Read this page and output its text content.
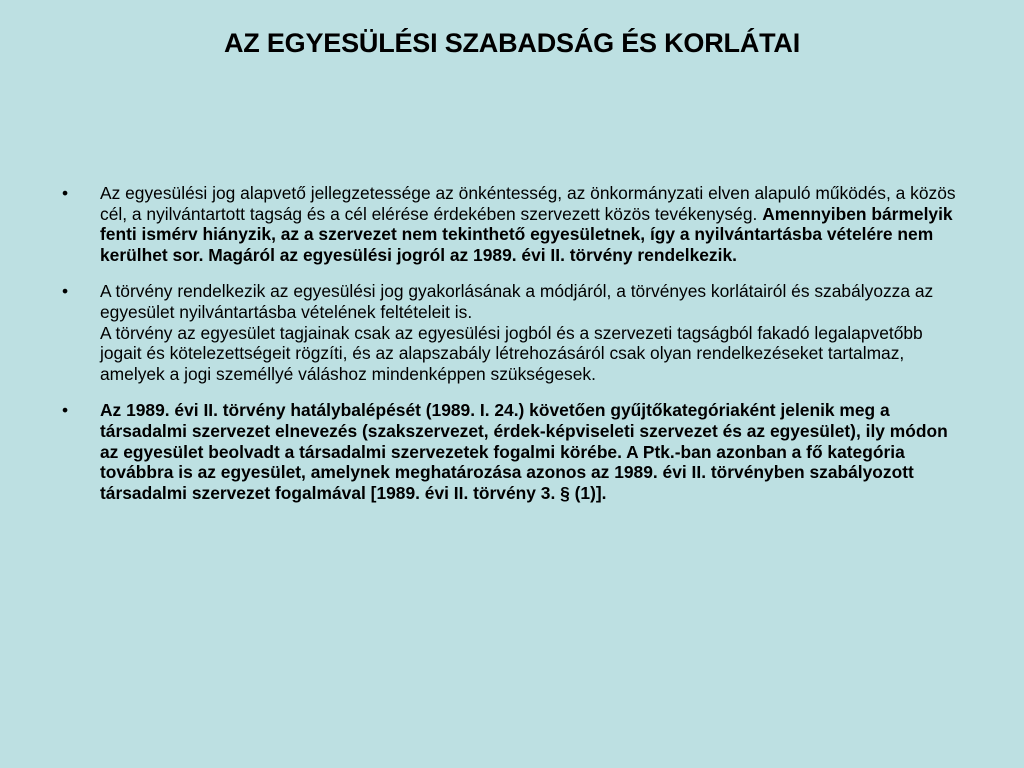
AZ EGYESÜLÉSI SZABADSÁG ÉS KORLÁTAI
•	Az egyesülési jog alapvető jellegzetessége az önkéntesség, az önkormányzati elven alapuló működés, a közös cél, a nyilvántartott tagság és a cél elérése érdekében szervezett közös tevékenység. Amennyiben bármelyik fenti ismérv hiányzik, az a szervezet nem tekinthető egyesületnek, így a nyilvántartásba vételére nem kerülhet sor. Magáról az egyesülési jogról az 1989. évi II. törvény rendelkezik.
•	A törvény rendelkezik az egyesülési jog gyakorlásának a módjáról, a törvényes korlátairól és szabályozza az egyesület nyilvántartásba vételének feltételeit is.
A törvény az egyesület tagjainak csak az egyesülési jogból és a szervezeti tagságból fakadó legalapvetőbb jogait és kötelezettségeit rögzíti, és az alapszabály létrehozásáról csak olyan rendelkezéseket tartalmaz, amelyek a jogi személlyé váláshoz mindenképpen szükségesek.
•	Az 1989. évi II. törvény hatálybalépését (1989. I. 24.) követően gyűjtőkategóriaként jelenik meg a társadalmi szervezet elnevezés (szakszervezet, érdek-képviseleti szervezet és az egyesület), ily módon az egyesület beolvadt a társadalmi szervezetek fogalmi körébe. A Ptk.-ban azonban a fő kategória továbbra is az egyesület, amelynek meghatározása azonos az 1989. évi II. törvényben szabályozott társadalmi szervezet fogalmával [1989. évi II. törvény 3. § (1)].
